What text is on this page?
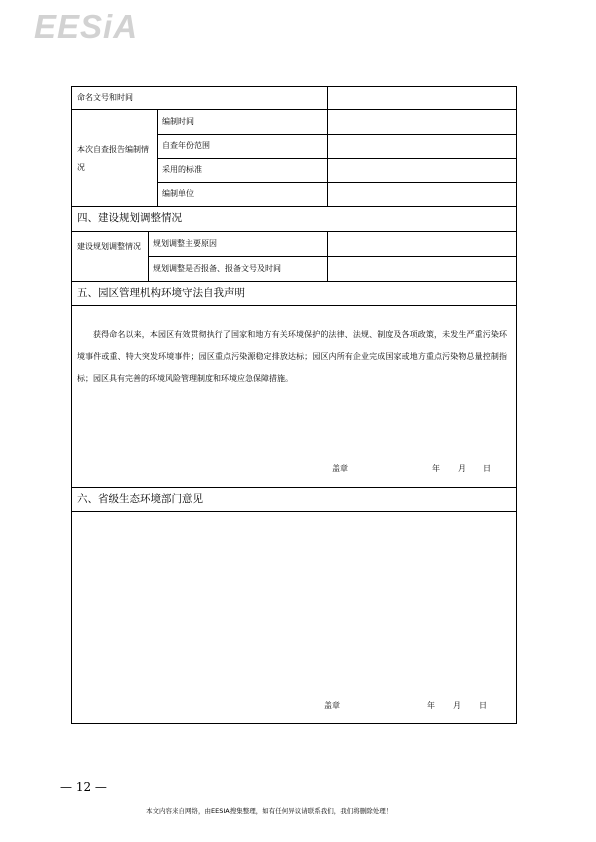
EESiA
命名文号和时间
本次自查报告编制情况
编制时间
自查年份范围
采用的标准
编制单位
四、建设规划调整情况
建设规划调整情况	规划调整主要原因
规划调整是否报备、报备文号及时间
五、园区管理机构环境守法自我声明
获得命名以来，本园区有效贯彻执行了国家和地方有关环境保护的法律、法规、制度及各项政策，未发生严重污染环境事件或重、特大突发环境事件；园区重点污染源稳定排放达标；园区内所有企业完成国家或地方重点污染物总量控制指标；园区具有完善的环境风险管理制度和环境应急保障措施。
盖章	年 月 日
六、省级生态环境部门意见
盖章	年 月 日
— 12 —
本文内容来自网络，由EESIA搜集整理，如有任何异议请联系我们，我们将删除处理！
